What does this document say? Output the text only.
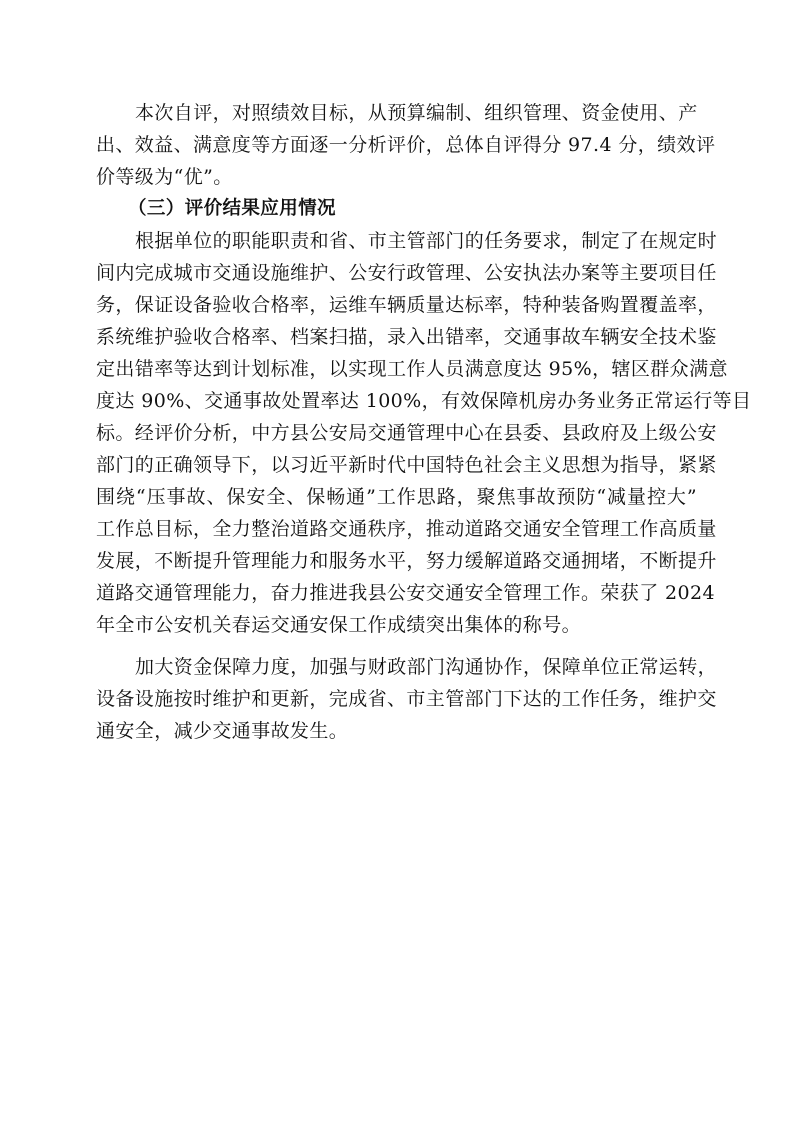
本次自评，对照绩效目标，从预算编制、组织管理、资金使用、产
出、效益、满意度等方面逐一分析评价，总体自评得分 97.4 分，绩效评
价等级为“优”。
（三）评价结果应用情况
根据单位的职能职责和省、市主管部门的任务要求，制定了在规定时
间内完成城市交通设施维护、公安行政管理、公安执法办案等主要项目任
务，保证设备验收合格率，运维车辆质量达标率，特种装备购置覆盖率，
系统维护验收合格率、档案扫描，录入出错率，交通事故车辆安全技术鉴
定出错率等达到计划标准，以实现工作人员满意度达 95%，辖区群众满意
度达 90%、交通事故处置率达 100%，有效保障机房办务业务正常运行等目
标。经评价分析，中方县公安局交通管理中心在县委、县政府及上级公安
部门的正确领导下，以习近平新时代中国特色社会主义思想为指导，紧紧
围绕“压事故、保安全、保畅通”工作思路，聚焦事故预防“减量控大”
工作总目标，全力整治道路交通秩序，推动道路交通安全管理工作高质量
发展，不断提升管理能力和服务水平，努力缓解道路交通拥堵，不断提升
道路交通管理能力，奋力推进我县公安交通安全管理工作。荣获了 2024
年全市公安机关春运交通安保工作成绩突出集体的称号。
加大资金保障力度，加强与财政部门沟通协作，保障单位正常运转，
设备设施按时维护和更新，完成省、市主管部门下达的工作任务，维护交
通安全，减少交通事故发生。
